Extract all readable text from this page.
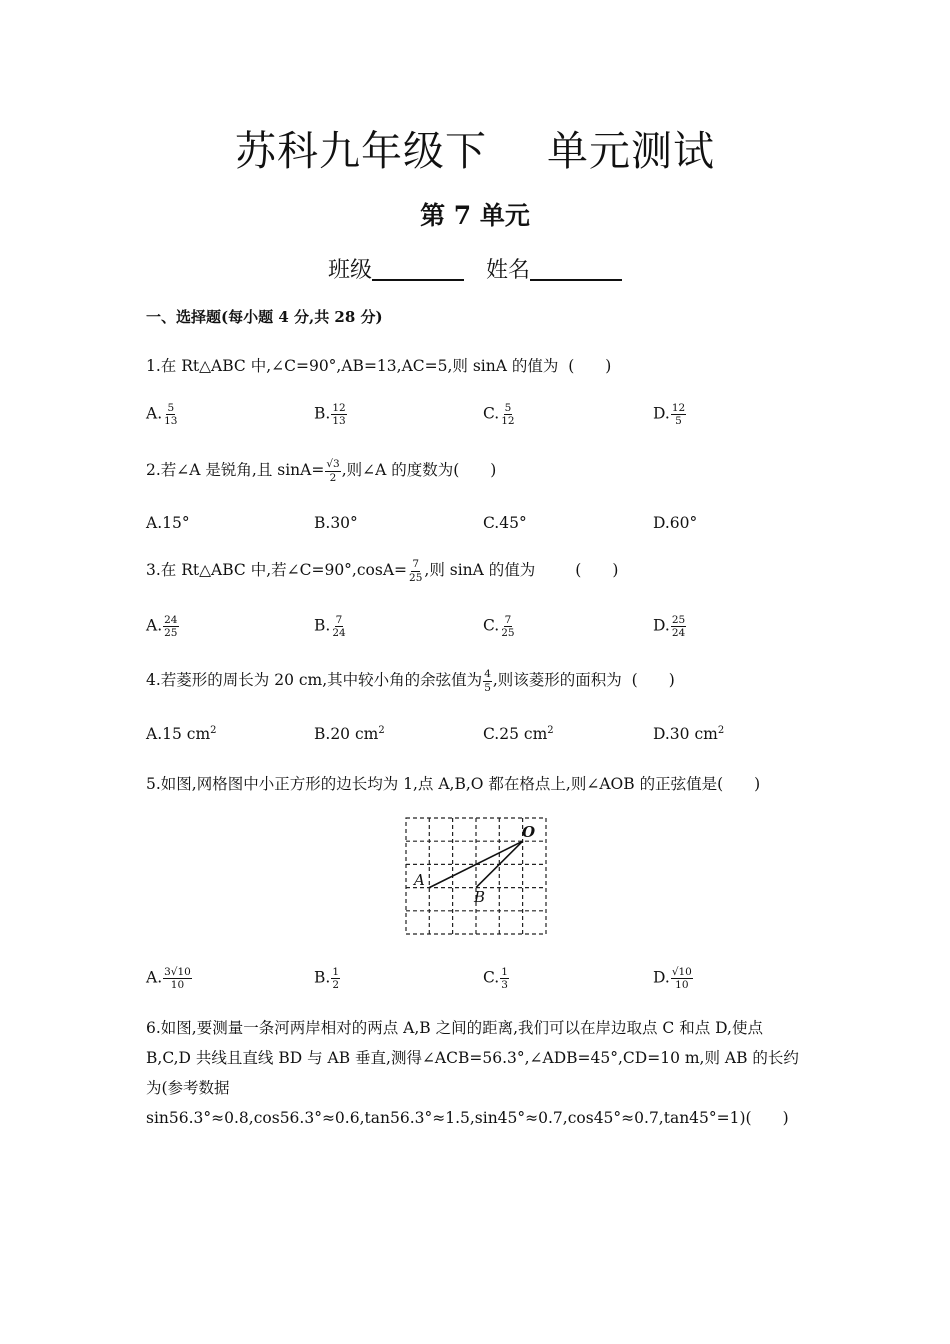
苏科九年级下 单元测试
第 7 单元
班级	姓名
一、选择题(每小题 4 分,共 28 分)
1.在 Rt△ABC 中,∠C=90°,AB=13,AC=5,则 sinA 的值为 (　　)
A. $\frac{5}{13}$	B. $\frac{12}{13}$	C. $\frac{5}{12}$	D. $\frac{12}{5}$
2.若∠A 是锐角,且 $\sin A= \frac{√3}{2}$ ,则∠A 的度数为(　　)
A.15°	B.30°	C.45°	D.60°
3.在 Rt△ABC 中,若∠C=90°,cosA= $\frac{7}{25}$ ,则 sinA 的值为	(　　)
A. $\frac{24}{25}$	B. $\frac{7}{24}$	C. $\frac{7}{25}$	D. $\frac{25}{24}$
4.若菱形的周长为 20 cm,其中较小角的余弦值为 $\frac{4}{5}$ ,则该菱形的面积为 (　　)
A.15 $cm^2$	B.20 $cm^2$	C.25 $cm^2$	D.30 $cm^2$
5.如图,网格图中小正方形的边长均为 1,点 A,B,O 都在格点上,则∠AOB 的正弦值是(　　)
O
A
B
A. $\frac{3√10}{10}$	B. $\frac{1}{2}$	C. $\frac{1}{3}$	D. $\frac{√10}{10}$
6.如图,要测量一条河两岸相对的两点 A,B 之间的距离,我们可以在岸边取点 C 和点 D,使点 B,C,D 共线且直线 BD 与 AB 垂直,测得∠ACB=56.3°,∠ADB=45°,CD=10 m,则 AB 的长约为(参考数据 sin56.3°≈0.8,cos56.3°≈0.6,tan56.3°≈1.5,sin45°≈0.7,cos45°≈0.7,tan45°=1)(　　)
